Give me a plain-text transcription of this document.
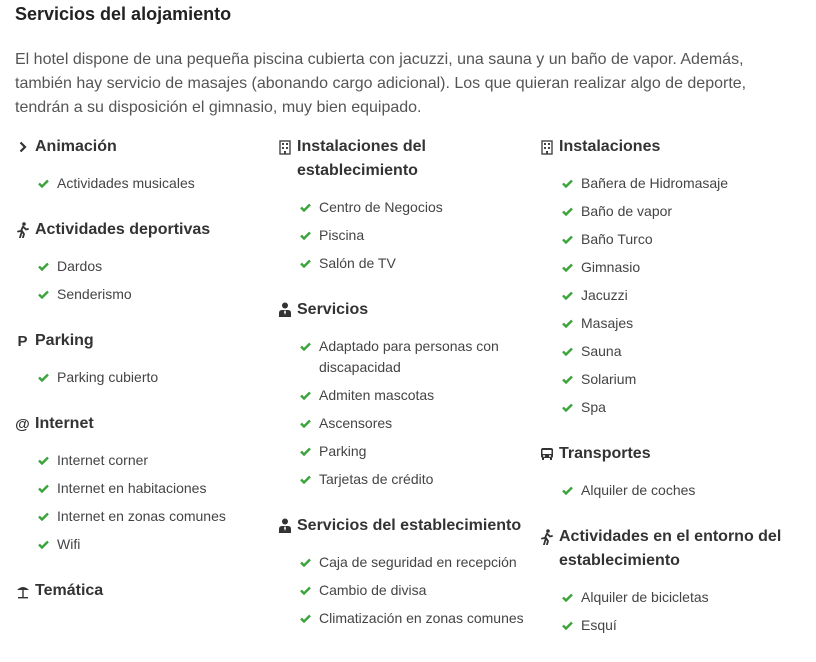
Servicios del alojamiento

El hotel dispone de una pequeña piscina cubierta con jacuzzi, una sauna y un baño de vapor. Además, también hay servicio de masajes (abonando cargo adicional). Los que quieran realizar algo de deporte, tendrán a su disposición el gimnasio, muy bien equipado.

Animación
Actividades musicales
Actividades deportivas
Dardos
Senderismo
P Parking
Parking cubierto
@ Internet
Internet corner
Internet en habitaciones
Internet en zonas comunes
Wifi
Temática
Instalaciones del establecimiento
Centro de Negocios
Piscina
Salón de TV
Servicios
Adaptado para personas con discapacidad
Admiten mascotas
Ascensores
Parking
Tarjetas de crédito
Servicios del establecimiento
Caja de seguridad en recepción
Cambio de divisa
Climatización en zonas comunes
Instalaciones
Bañera de Hidromasaje
Baño de vapor
Baño Turco
Gimnasio
Jacuzzi
Masajes
Sauna
Solarium
Spa
Transportes
Alquiler de coches
Actividades en el entorno del establecimiento
Alquiler de bicicletas
Esquí
